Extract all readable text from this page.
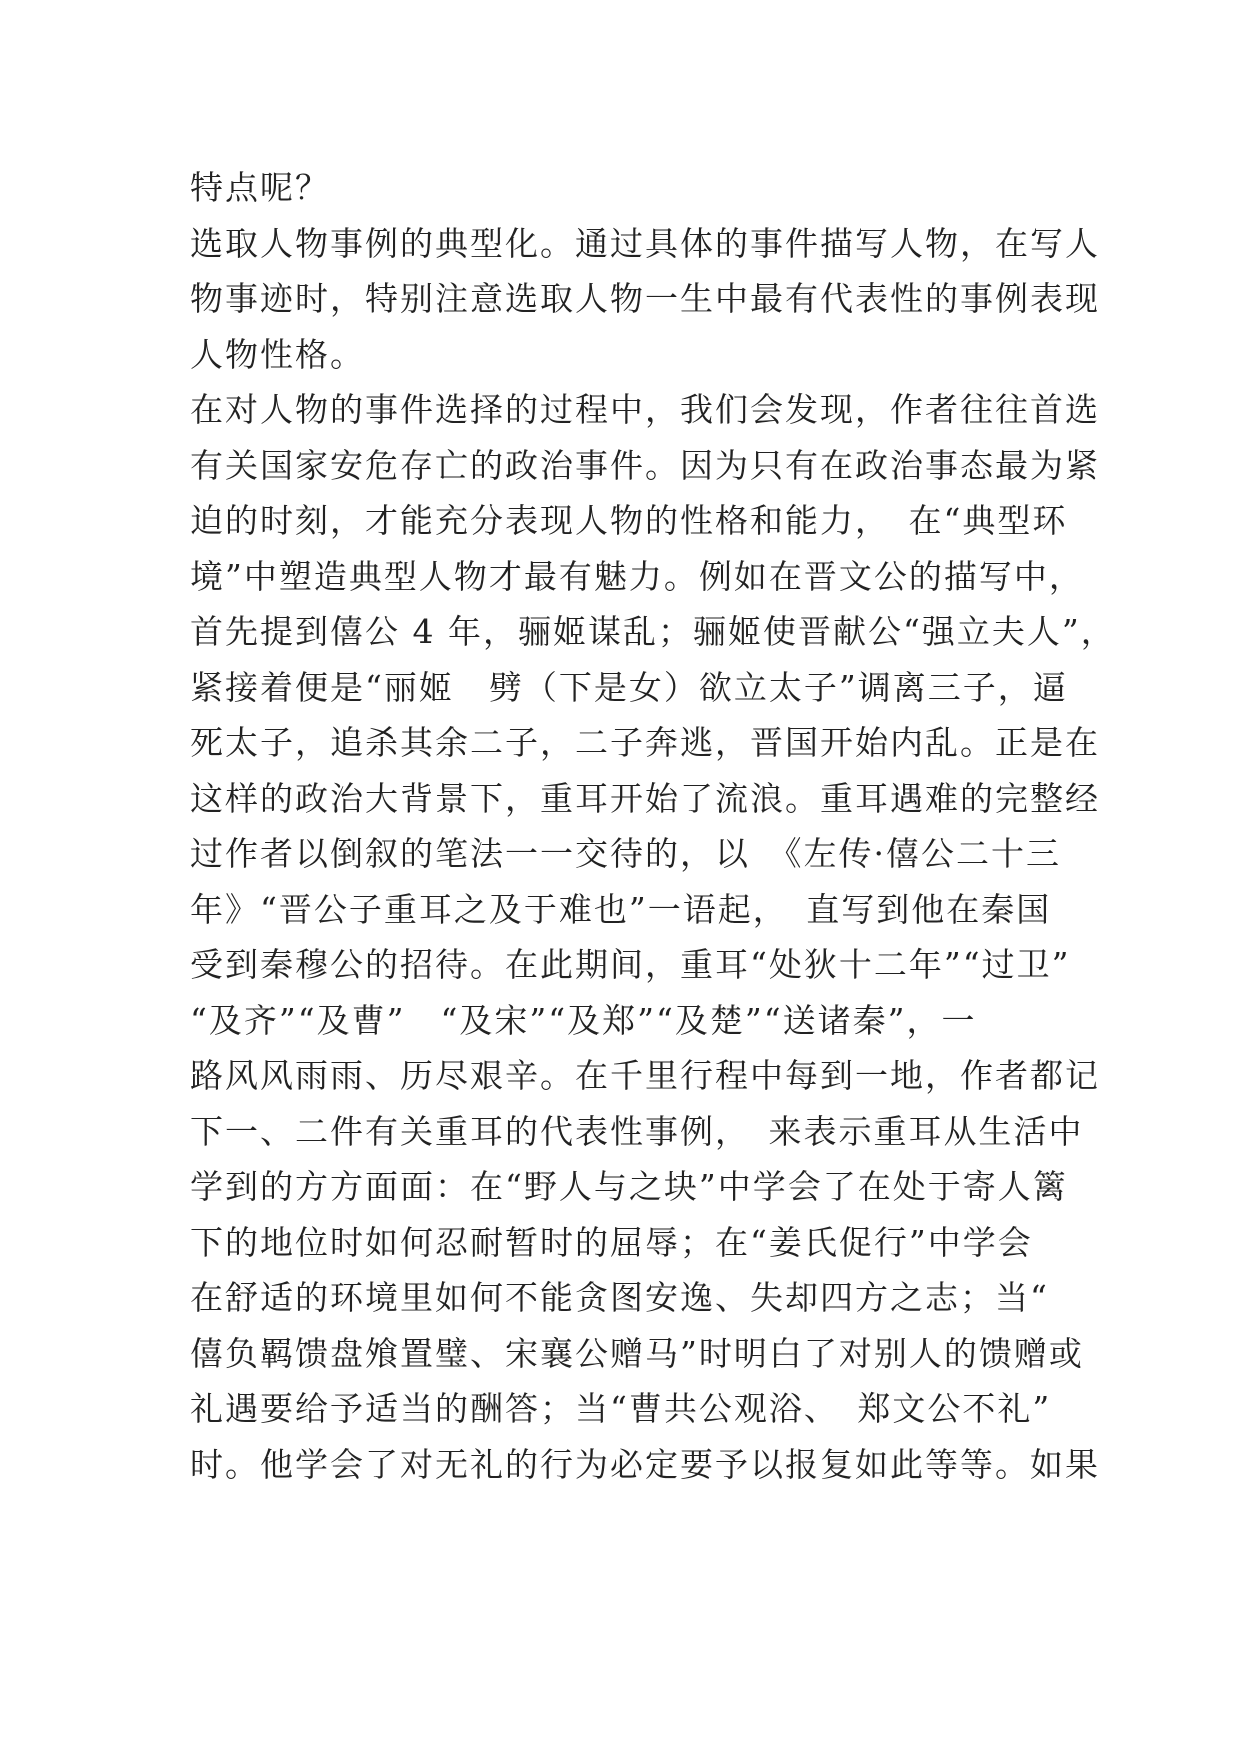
特点呢？
选取人物事例的典型化。通过具体的事件描写人物，在写人
物事迹时，特别注意选取人物一生中最有代表性的事例表现
人物性格。
在对人物的事件选择的过程中，我们会发现，作者往往首选
有关国家安危存亡的政治事件。因为只有在政治事态最为紧
迫的时刻，才能充分表现人物的性格和能力，　在“典型环
境”中塑造典型人物才最有魅力。例如在晋文公的描写中，
首先提到僖公 4 年，骊姬谋乱；骊姬使晋献公“强立夫人”，
紧接着便是“丽姬　劈（下是女）欲立太子”调离三子，逼
死太子，追杀其余二子，二子奔逃，晋国开始内乱。正是在
这样的政治大背景下，重耳开始了流浪。重耳遇难的完整经
过作者以倒叙的笔法一一交待的，以　《左传·僖公二十三
年》“晋公子重耳之及于难也”一语起，　直写到他在秦国
受到秦穆公的招待。在此期间，重耳“处狄十二年”“过卫”
“及齐”“及曹”　“及宋”“及郑”“及楚”“送诸秦”，一
路风风雨雨、历尽艰辛。在千里行程中每到一地，作者都记
下一、二件有关重耳的代表性事例，　来表示重耳从生活中
学到的方方面面：在“野人与之块”中学会了在处于寄人篱
下的地位时如何忍耐暂时的屈辱；在“姜氏促行”中学会
在舒适的环境里如何不能贪图安逸、失却四方之志；当“
僖负羁馈盘飧置璧、宋襄公赠马”时明白了对别人的馈赠或
礼遇要给予适当的酬答；当“曹共公观浴、　郑文公不礼”
时。他学会了对无礼的行为必定要予以报复如此等等。如果
